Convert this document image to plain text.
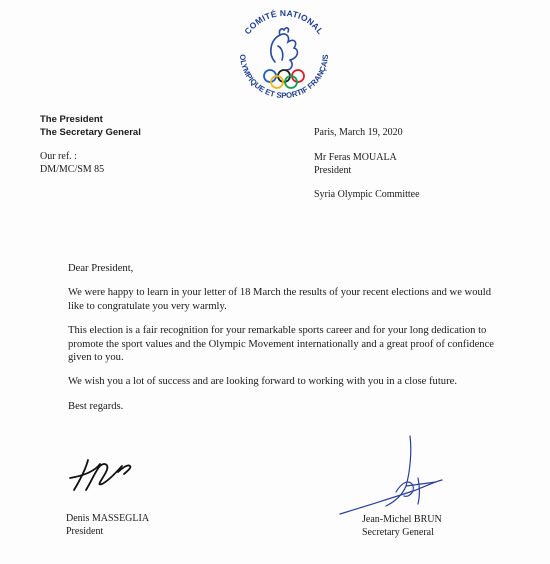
COMITÉ NATIONAL
OLYMPIQUE ET SPORTIF FRANÇAIS
The President
The Secretary General
Our ref. :
DM/MC/SM 85
Paris, March 19, 2020
Mr Feras MOUALA
President
Syria Olympic Committee

Dear President,

We were happy to learn in your letter of 18 March the results of your recent elections and we would like to congratulate you very warmly.

This election is a fair recognition for your remarkable sports career and for your long dedication to promote the sport values and the Olympic Movement internationally and a great proof of confidence given to you.

We wish you a lot of success and are looking forward to working with you in a close future.

Best regards.

Denis MASSEGLIA
President
Jean-Michel BRUN
Secretary General
